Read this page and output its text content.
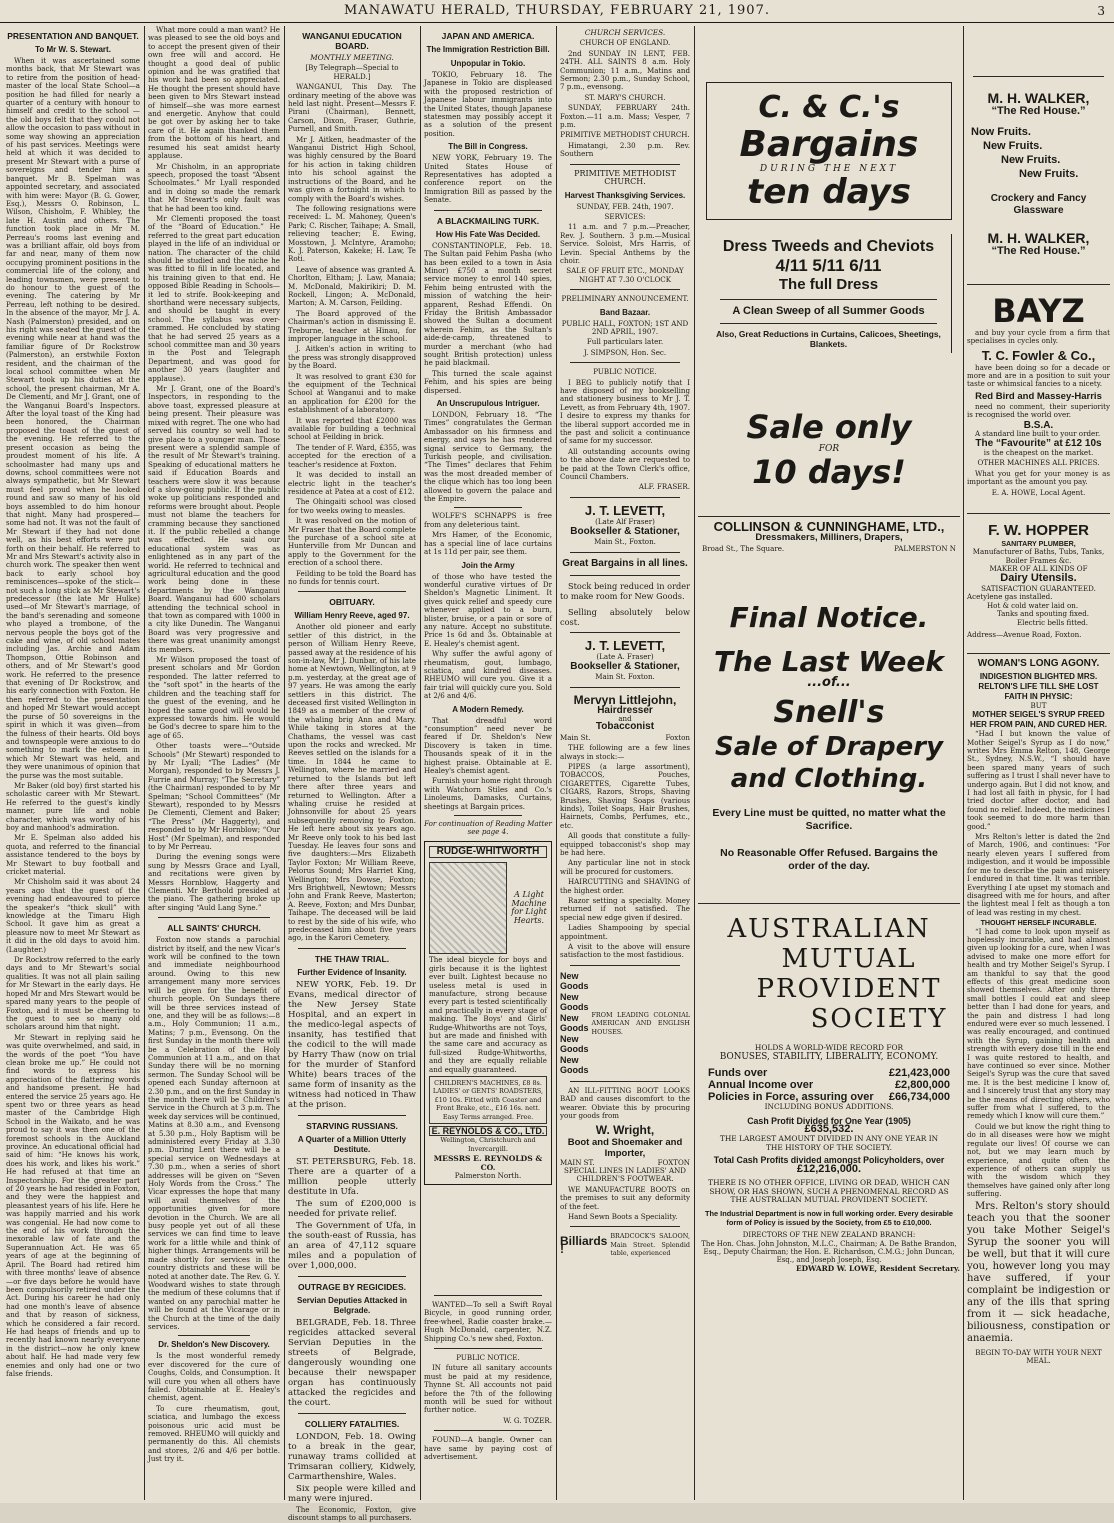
MANAWATU HERALD, THURSDAY, FEBRUARY 21, 1907.	3
PRESENTATION AND BANQUET.
To Mr W. S. Stewart.

When it was ascertained some months back, that Mr Stewart was to retire from the position of head-master of the local State School—a position he had filled for nearly a quarter of a century with honour to himself and credit to the school —the old boys felt that they could not allow the occasion to pass without in some way showing an appreciation of his past services. Meetings were held at which it was decided to present Mr Stewart with a purse of sovereigns and tender him a banquet. Mr B. Spelman was appointed secretary, and associated with him were: Mayor (B. G. Gower, Esq.), Messrs O. Robinson, L. Wilson, Chisholm, F. Whibley, the late H. Austin and others. The function took place in Mr M. Perreau's rooms last evening and was a brilliant affair, old boys from far and near, many of them now occupying prominent positions in the commercial life of the colony, and leading townsmen, were present to do honour to the guest of the evening. The catering by Mr Perreau, left nothing to be desired. In the absence of the mayor, Mr J. A. Nash (Palmerston) presided, and on his right was seated the guest of the evening while near at hand was the familiar figure of Dr Rockstrow (Palmerston), an erstwhile Foxton resident, and the chairman of the local school committee when Mr Stewart took up his duties at the school, the present chairman, Mr A. De Clementi, and Mr J. Grant, one of the Wanganui Board's Inspectors. After the loyal toast of the King had been honored, the Chairman proposed the toast of the guest of the evening. He referred to the present occasion as being the proudest moment of his life. A schoolmaster had many ups and downs, school committees were not always sympathetic, but Mr Stewart must feel proud when he looked round and saw so many of his old boys assembled to do him honour that night. Many had prospered—some had not. It was not the fault of Mr Stewart if they had not done well, as his best efforts were put forth on their behalf. He referred to Mr and Mrs Stewart's activity also in church work. The speaker then went back to early school boy reminiscences—spoke of the stick—not such a long stick as Mr Stewart's predecessor (the late Mr Hulke) used—of Mr Stewart's marriage, of the band's serenading and someone who played a trombone, of the nervous people the boys got of the cake and wine, of old school mates including Jas. Archie and Adam Thompson, Ottie Robinson and others, and of Mr Stewart's good work. He referred to the presence that evening of Dr Rockstrow, and his early connection with Foxton. He then referred to the presentation and hoped Mr Stewart would accept the purse of 50 sovereigns in the spirit in which it was given—from the fulness of their hearts. Old boys and townspeople were anxious to do something to mark the esteem in which Mr Stewart was held, and they were unanimous of opinion that the purse was the most suitable.

Mr Baker (old boy) first started his scholastic career with Mr Stewart. He referred to the guest's kindly manner, pure life and noble character, which was worthy of his boy and manhood's admiration.

Mr E. Spelman also added his quota, and referred to the financial assistance tendered to the boys by Mr Stewart to buy football and cricket material.

Mr Chisholm said it was about 24 years ago that the guest of the evening had endeavoured to pierce the speaker's “thick skull” with knowledge at the Timaru High School. It gave him as great a pleasure now to meet Mr Stewart as it did in the old days to avoid him. (Laughter.)

Dr Rockstrow referred to the early days and to Mr Stewart's social qualities. It was not all plain sailing for Mr Stewart in the early days. He hoped Mr and Mrs Stewart would be spared many years to the people of Foxton, and it must be cheering to the guest to see so many old scholars around him that night.

Mr Stewart in replying said he was quite overwhelmed, and said, in the words of the poet “You have clean broke me up.” He could not find words to express his appreciation of the flattering words and handsome present. He had entered the service 25 years ago. He spent two or three years as head master of the Cambridge High School in the Waikato, and he was proud to say it was then one of the foremost schools in the Auckland province. An educational official had said of him: “He knows his work, does his work, and likes his work.” He had refused at that time an Inspectorship. For the greater part of 20 years he had resided in Foxton, and they were the happiest and pleasantest years of his life. Here he was happily married and his work was congenial. He had now come to the end of his work through the inexorable law of fate and the Superannuation Act. He was 65 years of age at the beginning of April. The Board had retired him with three months' leave of absence—or five days before he would have been compulsorily retired under the Act. During his career he had only had one month's leave of absence and that by reason of sickness, which he considered a fair record. He had heaps of friends and up to recently had known nearly everyone in the district—now he only knew about half. He had made very few enemies and only had one or two false friends.

What more could a man want? He was pleased to see the old boys and to accept the present given of their own free will and accord. He thought a good deal of public opinion and he was gratified that his work had been so appreciated. He thought the present should have been given to Mrs Stewart instead of himself—she was more earnest and energetic. Anyhow that could be got over by asking her to take care of it. He again thanked them from the bottom of his heart, and resumed his seat amidst hearty applause.

Mr Chisholm, in an appropriate speech, proposed the toast “Absent Schoolmates.” Mr Lyall responded and in doing so made the remark that Mr Stewart's only fault was that he had been too kind.

Mr Clementi proposed the toast of the “Board of Education.” He referred to the great part education played in the life of an individual or nation. The character of the child should be studied and the niche he was fitted to fill in life located, and his training given to that end. He opposed Bible Reading in Schools—it led to strife. Book-keeping and shorthand were necessary subjects, and should be taught in every school. The syllabus was over-crammed. He concluded by stating that he had served 25 years as a school committee man and 30 years in the Post and Telegraph Department, and was good for another 30 years (laughter and applause).

Mr J. Grant, one of the Board's Inspectors, in responding to the above toast, expressed pleasure at being present. Their pleasure was mixed with regret. The one who had served his country so well had to give place to a younger man. Those present were a splendid sample of the result of Mr Stewart's training. Speaking of educational matters he said if Education Boards and teachers were slow it was because of a slow-going public. If the public woke up politicians responded and reforms were brought about. People must not blame the teachers for cramming because they sanctioned it. If the public rebelled a change was effected. He said our educational system was as enlightened as in any part of the world. He referred to technical and agricultural education and the good work being done in these departments by the Wanganui Board. Wanganui had 600 scholars attending the technical school in that town as compared with 1000 in a city like Dunedin. The Wanganui Board was very progressive and there was great unanimity amongst its members.

Mr Wilson proposed the toast of present scholars and Mr Gordon responded. The latter referred to the “soft spot” in the hearts of the children and the teaching staff for the guest of the evening, and he hoped the same good will would be expressed towards him. He would be God's decree to spare him to the age of 65.

Other toasts were—“Outside Schools” (Mr Stewart) responded to by Mr Lyall; “The Ladies” (Mr Morgan), responded to by Messrs J. Furrie and Murray; “The Secretary” (the Chairman) responded to by Mr Spelman; “School Committees” (Mr Stewart), responded to by Messrs De Clementi, Clement and Baker; “The Press” (Mr Haggerty), and responded to by Mr Hornblow; “Our Host” (Mr Spelman), and responded to by Mr Perreau.

During the evening songs were sung by Messrs Grace and Lyall, and recitations were given by Messrs Hornblow, Haggerty and Clementi. Mr Berthold presided at the piano. The gathering broke up after singing “Auld Lang Syne.”

ALL SAINTS' CHURCH.

Foxton now stands a parochial district by itself, and the new Vicar's work will be confined to the town and immediate neighbourhood around. Owing to this new arrangement many more services will be given for the benefit of church people. On Sundays there will be three services instead of one, and they will be as follows:—8 a.m., Holy Communion; 11 a.m., Matins; 7 p.m., Evensong. On the first Sunday in the month there will be a Celebration of the Holy Communion at 11 a.m., and on that Sunday there will be no morning sermon. The Sunday School will be opened each Sunday afternoon at 2.30 p.m., and on the first Sunday in the month there will be Children's Service in the Church at 3 p.m. The week day services will be continued, Matins at 8.30 a.m., and Evensong at 5.30 p.m., Holy Baptism will be administered every Friday at 3.30 p.m. During Lent there will be a special service on Wednesdays at 7.30 p.m., when a series of short addresses will be given on “Seven Holy Words from the Cross.” The Vicar expresses the hope that many will avail themselves of the opportunities given for more devotion in the Church. We are all busy people yet out of all these services we can find time to leave work for a little while and think of higher things. Arrangements will be made shortly for services in the country districts and these will be noted at another date. The Rev. G. Y. Woodward wishes to state through the medium of these columns that if wanted on any parochial matter he will be found at the Vicarage or in the Church at the time of the daily services.

Dr. Sheldon's New Discovery.

Is the most wonderful remedy ever discovered for the cure of Coughs, Colds, and Consumption. It will cure you when all others have failed. Obtainable at E. Healey's chemist, agent.

To cure rheumatism, gout, sciatica, and lumbago the excess poisonous uric acid must be removed. RHEUMO will quickly and permanently do this. All chemists and stores, 2/6 and 4/6 per bottle. Just try it.

WANGANUI EDUCATION BOARD.
MONTHLY MEETING.

[By Telegraph—Special to HERALD.]

WANGANUI, This Day. The ordinary meeting of the above was held last night. Present—Messrs F. Pirani (Chairman), Bennett, Carson, Dixon, Fraser, Guthrie, Purnell, and Smith.

Mr J. Aitken, headmaster of the Wanganui District High School, was highly censured by the Board for his action in taking children into his school against the instructions of the Board, and he was given a fortnight in which to comply with the Board's wishes.

The following resignations were received: L. M. Mahoney, Queen's Park; C. Rischer, Taihape; A. Small, relieving teacher; E. Ewing, Mosstown, J. McIntyre, Aramoho; K. J. Paterson, Kakeke; H. Law, Te Roti.

Leave of absence was granted A. Chorlton, Eltham; J. Law, Manaia; M. McDonald, Makirikiri; D. M. Rockell, Lingon; A. McDonald, Marton; A. M. Carson, Feilding.

The Board approved of the Chairman's action in dismissing E. Treburne, teacher at Hinau, for improper language in the school.

J. Aitken's action in writing to the press was strongly disapproved by the Board.

It was resolved to grant £30 for the equipment of the Technical School at Wanganui and to make an application for £200 for the establishment of a laboratory.

It was reported that £2000 was available for building a technical school at Feilding in brick.

The tender of F. Ward, £355, was accepted for the erection of a teacher's residence at Foxton.

It was decided to install an electric light in the teacher's residence at Patea at a cost of £12.

The Ohingaiti school was closed for two weeks owing to measles.

It was resolved on the motion of Mr Fraser that the Board complete the purchase of a school site at Hunterville from Mr Duncan and apply to the Government for the erection of a school there.

Feilding to be told the Board has no funds for tennis court.

OBITUARY.
William Henry Reeve, aged 97.

Another old pioneer and early settler of this district, in the person of William Henry Reeve, passed away at the residence of his son-in-law, Mr J. Dunbar, of his late home at Newtown, Wellington, at 9 p.m. yesterday, at the great age of 97 years. He was among the early settlers in this district. The deceased first visited Wellington in 1849 as a member of the crew of the whaling brig Ann and Mary. While taking in stores at the Chathams, the vessel was cast upon the rocks and wrecked. Mr Reeves settled on the islands for a time. In 1844 he came to Wellington, where he married and returned to the Islands but left there after three years and returned to Wellington. After a whaling cruise he resided at Johnsonville for about 25 years subsequently removing to Foxton. He left here about six years ago. Mr Reeve only took to his bed last Tuesday. He leaves four sons and five daughters:—Mrs Elizabeth Taylor Foxton; Mr William Reeve, Pelorus Sound; Mrs Harriet King, Wellington; Mrs Dowse, Foxton; Mrs Brightwell, Newtown; Messrs John and Frank Reeve, Masterton; A. Reeve, Foxton; and Mrs Dunbar, Taihape. The deceased will be laid to rest by the side of his wife, who predeceased him about five years ago, in the Karori Cemetery.

THE THAW TRIAL.
Further Evidence of Insanity.

NEW YORK, Feb. 19. Dr Evans, medical director of the New Jersey State Hospital, and an expert in the medico-legal aspects of insanity, has testified that the codicil to the will made by Harry Thaw (now on trial for the murder of Stanford White) bears traces of the same form of insanity as the witness had noticed in Thaw at the prison.

STARVING RUSSIANS.
A Quarter of a Million Utterly Destitute.

ST. PETERSBURG, Feb. 18. There are a quarter of a million people utterly destitute in Ufa.

The sum of £200,000 is needed for private relief.

The Government of Ufa, in the south-east of Russia, has an area of 47,112 square miles and a population of over 1,000,000.

OUTRAGE BY REGICIDES.
Servian Deputies Attacked in Belgrade.

BELGRADE, Feb. 18. Three regicides attacked several Servian Deputies in the streets of Belgrade, dangerously wounding one because their newspaper organ has continuously attacked the regicides and the court.

COLLIERY FATALITIES.

LONDON, Feb. 18. Owing to a break in the gear, runaway trams collided at Trimsaran colliery, Kidwely, Carmarthenshire, Wales.

Six people were killed and many were injured.

The Economic, Foxton, give discount stamps to all purchasers.

JAPAN AND AMERICA.
The Immigration Restriction Bill.
Unpopular in Tokio.

TOKIO, February 18. The Japanese in Tokio are displeased with the proposed restriction of Japanese labour immigrants into the United States, though Japanese statesmen may possibly accept it as a solution of the present position.

The Bill in Congress.

NEW YORK, February 19. The United States House of Representatives has adopted a conference report on the Immigration Bill as passed by the Senate.

A BLACKMAILING TURK.
How His Fate Was Decided.

CONSTANTINOPLE, Feb. 18. The Sultan paid Fehim Pasha (who has been exiled to a town in Asia Minor) £750 a month secret service money to enrol 140 spies, Fehim being entrusted with the mission of watching the heir-apparent, Reshad Effendi. On Friday the British Ambassador showed the Sultan a document wherein Fehim, as the Sultan's aide-de-camp, threatened to murder a merchant (who had sought British protection) unless he paid blackmail.

This turned the scale against Fehim, and his spies are being dispersed.

An Unscrupulous Intriguer.

LONDON, February 18. “The Times” congratulates the German Ambassador on his firmness and energy, and says he has rendered signal service to Germany, the Turkish people, and civilisation. “The Times” declares that Fehim was the most dreaded member of the clique which has too long been allowed to govern the palace and the Empire.

WOLFE'S SCHNAPPS is free from any deleterious taint.

Mrs Hamer, of the Economic, has a special line of lace curtains at 1s 11d per pair, see them.

Join the Army

of those who have tested the wonderful curative virtues of Dr Sheldon's Magnetic Liniment. It gives quick relief and speedy cure whenever applied to a burn, blister, bruise, or a pain or sore of any nature. Accept no substitute. Price 1s 6d and 3s. Obtainable at E. Healey's chemist agent.

Why suffer the awful agony of rheumatism, gout, lumbago, sciatica, and kindred diseases. RHEUMO will cure you. Give it a fair trial will quickly cure you. Sold at 2/6 and 4/6.

A Modern Remedy.

That dreadful word “consumption” need never be feared if Dr. Sheldon's New Discovery is taken in time. Thousands speak of it in the highest praise. Obtainable at E. Healey's chemist agent.

Furnish your home right through with Watchorn Stiles and Co.'s Linoleums, Damasks, Curtains, sheetings at Bargain prices.

For continuation of Reading Matter see page 4.

RUDGE-WHITWORTH
A Light Machine for Light Hearts.

The ideal bicycle for boys and girls because it is the lightest ever built. Lightest because no useless metal is used in manufacture, strong because every part is tested scientifically and practically in every stage of making. The Boys' and Girls' Rudge-Whitworths are not Toys, but are made and finished with the same care and accuracy as full-sized Rudge-Whitworths, and they are equally reliable and equally guaranteed.

CHILDREN'S MACHINES, £8 8s. LADIES' or GENTS' ROADSTERS, £10 10s. Fitted with Coaster and Front Brake, etc., £16 16s. nett. Easy Terms arranged. Free.
E. REYNOLDS & CO., LTD.
Wellington, Christchurch and Invercargill.
MESSRS E. REYNOLDS & CO.
Palmerston North.
CHURCH SERVICES.

CHURCH OF ENGLAND.

2nd SUNDAY IN LENT, FEB. 24TH. ALL SAINTS 8 a.m. Holy Communion; 11 a.m., Matins and Sermon; 2.30 p.m., Sunday School, 7 p.m., evensong.

ST. MARY'S CHURCH.

SUNDAY, FEBRUARY 24th. Foxton.—11 a.m. Mass; Vesper, 7 p.m.

PRIMITIVE METHODIST CHURCH.

Himatangi, 2.30 p.m. Rev. Southern

PRIMITIVE METHODIST CHURCH.

Harvest Thanksgiving Services.

SUNDAY, FEB. 24th, 1907.

SERVICES:

11 a.m. and 7 p.m.—Preacher, Rev. J. Southern. 3 p.m.—Musical Service. Soloist, Mrs Harris, of Levin. Special Anthems by the choir.

SALE OF FRUIT ETC., MONDAY NIGHT AT 7.30 O'CLOCK

PRELIMINARY ANNOUNCEMENT.

Band Bazaar.

PUBLIC HALL, FOXTON; 1ST AND 2ND APRIL, 1907.

Full particulars later.

J. SIMPSON, Hon. Sec.

PUBLIC NOTICE.

I BEG to publicly notify that I have disposed of my bookselling and stationery business to Mr J. T. Levett, as from February 4th, 1907. I desire to express my thanks for the liberal support accorded me in the past and solicit a continuance of same for my successor.

All outstanding accounts owing to the above date are requested to be paid at the Town Clerk's office, Council Chambers.

ALF. FRASER.

J. T. LEVETT,
(Late Alf Fraser)
Bookseller & Stationer,
Main St., Foxton.
Great Bargains in all lines.

Stock being reduced in order to make room for New Goods.

Selling absolutely below cost.

J. T. LEVETT,
(Late A. Fraser)
Bookseller & Stationer,
Main St. Foxton.
Mervyn Littlejohn,
Hairdresser
and
Tobacconist
Main St.	Foxton

THE following are a few lines always in stock:—

PIPES (a large assortment), TOBACCOS, Pouches, CIGARETTES, Cigarette Tubes, CIGARS, Razors, Strops, Shaving Brushes, Shaving Soaps (various kinds), Toilet Soaps, Hair Brushes, Hairnets, Combs, Perfumes, etc., etc.

All goods that constitute a fully-equipped tobacconist's shop may be had here.

Any particular line not in stock will be procured for customers.

HAIRCUTTING and SHAVING of the highest order.

Razor setting a specialty. Money returned if not satisfied. The special new edge given if desired.

Ladies Shampooing by special appointment.

A visit to the above will ensure satisfaction to the most fastidious.

New Goods
New Goods
New Goods
New Goods
New Goods
FROM LEADING COLONIAL AMERICAN AND ENGLISH HOUSES.

AN ILL-FITTING BOOT LOOKS BAD and causes discomfort to the wearer. Obviate this by procuring your goods from

W. Wright,
Boot and Shoemaker and Importer,
MAIN ST.	FOXTON

SPECIAL LINES IN LADIES' AND CHILDREN'S FOOTWEAR.

WE MANUFACTURE BOOTS on the premises to suit any deformity of the feet.

Hand Sewn Boots a Speciality.

Billiards !
BRADCOCK'S SALOON, Main Street. Splendid table, experienced

WANTED—To sell a Swift Royal Bicycle, in good running order, free-wheel, Radie coaster brake.—Hugh McDonald, carpenter, N.Z. Shipping Co.'s new shed, Foxton.

PUBLIC NOTICE.

IN future all sanitary accounts must be paid at my residence, Thynne St. All accounts not paid before the 7th of the following month will be sued for without further notice.

W. G. TOZER.

FOUND—A bangle. Owner can have same by paying cost of advertisement.

C. & C.'s
Bargains
DURING THE NEXT
ten days
Dress Tweeds and Cheviots
4/11 5/11 6/11
The full Dress
A Clean Sweep of all Summer Goods
Also, Great Reductions in Curtains, Calicoes, Sheetings, Blankets.
Sale only
FOR
10 days!
COLLINSON & CUNNINGHAME, LTD.,
Dressmakers, Milliners, Drapers,
Broad St., The Square.	PALMERSTON N
Final Notice.
The Last Week
...of...
Snell's
Sale of Drapery and Clothing.
Every Line must be quitted, no matter what the Sacrifice.
No Reasonable Offer Refused. Bargains the order of the day.
AUSTRALIAN
MUTUAL
PROVIDENT
SOCIETY
HOLDS A WORLD-WIDE RECORD FOR
BONUSES, STABILITY, LIBERALITY, ECONOMY.
Funds over	£21,423,000
Annual Income over	£2,800,000
Policies in Force, assuring over £66,734,000
INCLUDING BONUS ADDITIONS.
Cash Profit Divided for One Year (1905)
£635,532.
THE LARGEST AMOUNT DIVIDED IN ANY ONE YEAR IN THE HISTORY OF THE SOCIETY.
Total Cash Profits divided amongst Policyholders, over
£12,216,000.
THERE IS NO OTHER OFFICE, LIVING OR DEAD, WHICH CAN SHOW, OR HAS SHOWN, SUCH A PHENOMENAL RECORD AS THE AUSTRALIAN MUTUAL PROVIDENT SOCIETY.
The Industrial Department is now in full working order. Every desirable form of Policy is issued by the Society, from £5 to £10,000.
DIRECTORS OF THE NEW ZEALAND BRANCH:
The Hon. Chas. John Johnston, M.L.C., Chairman; A. De Bathe Brandon, Esq., Deputy Chairman; the Hon. E. Richardson, C.M.G.; John Duncan, Esq., and Joseph Joseph, Esq.
EDWARD W. LOWE, Resident Secretary.
M. H. WALKER,
“The Red House.”
Now Fruits.
New Fruits.
New Fruits.
New Fruits.
Crockery and Fancy Glassware
M. H. WALKER,
“The Red House.”
BAYZ

and buy your cycle from a firm that specialises in cycles only.

T. C. Fowler & Co.,

have been doing so for a decade or more and are in a position to suit your taste or whimsical fancies to a nicety.

Red Bird and Massey-Harris

need no comment, their superiority is recognised the world over.

B.S.A.

A standard line built to your order.

The “Favourite” at £12 10s

is the cheapest on the market.

OTHER MACHINES ALL PRICES.

What you get for your money is as important as the amount you pay.

E. A. HOWE, Local Agent.

F. W. HOPPER
SANITARY PLUMBER,
Manufacturer of Baths, Tubs, Tanks, Boiler Frames &c.
MAKER OF ALL KINDS OF
Dairy Utensils.
SATISFACTION GUARANTEED.
Acetylene gas installed.
Hot & cold water laid on.
Tanks and spouting fixed.
Electric bells fitted.
Address—Avenue Road, Foxton.
WOMAN'S LONG AGONY.
INDIGESTION BLIGHTED MRS. RELTON'S LIFE TILL SHE LOST FAITH IN PHYSIC:
BUT
MOTHER SEIGEL'S SYRUP FREED HER FROM PAIN, AND CURED HER.

“Had I but known the value of Mother Seigel's Syrup as I do now,” writes Mrs Emma Relton, 148, George St., Sydney, N.S.W., “I should have been spared many years of such suffering as I trust I shall never have to undergo again. But I did not know, and I had lost all faith in physic, for I had tried doctor after doctor, and had found no relief. Indeed, the medicines I took seemed to do more harm than good.”

Mrs Relton's letter is dated the 2nd of March, 1906, and continues: “For nearly eleven years I suffered from indigestion, and it would be impossible for me to describe the pain and misery I endured in that time. It was terrible. Everything I ate upset my stomach and disagreed with me for hours, and after the lightest meal I felt as though a ton of lead was resting in my chest.

THOUGHT HERSELF INCURABLE.

“I had come to look upon myself as hopelessly incurable, and had almost given up looking for a cure, when I was advised to make one more effort for health and try Mother Seigel's Syrup. I am thankful to say that the good effects of this great medicine soon showed themselves. After only three small bottles I could eat and sleep better than I had done for years, and the pain and distress I had long endured were ever so much lessened. I was really encouraged, and continued with the Syrup, gaining health and strength with every dose till in the end I was quite restored to health, and have continued so ever since. Mother Seigel's Syrup was the cure that saved me. It is the best medicine I know of, and I sincerely trust that any story may be the means of directing others, who suffer from what I suffered, to the remedy which I know will cure them.”

Could we but know the right thing to do in all diseases were how we might regulate our lives! Of course we can not, but we may learn much by experience, and quite often the experience of others can supply us with the wisdom which they themselves have gained only after long suffering.

Mrs. Relton's story should teach you that the sooner you take Mother Seigel's Syrup the sooner you will be well, but that it will cure you, however long you may have suffered, if your complaint be indigestion or any of the ills that spring from it — sick headache, biliousness, constipation or anaemia.

BEGIN TO-DAY WITH YOUR NEXT MEAL.
